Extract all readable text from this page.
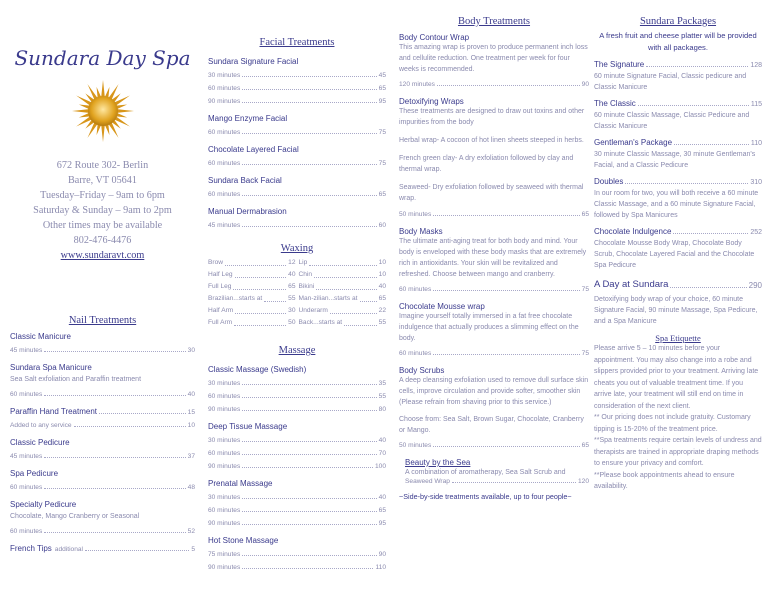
Sundara Day Spa
672 Route 302- Berlin
Barre, VT 05641
Tuesday–Friday – 9am to 6pm
Saturday & Sunday – 9am to 2pm
Other times may be available
802-476-4476
www.sundaravt.com
Nail Treatments
Classic Manicure
45 minutes	30
Sundara Spa Manicure
Sea Salt exfoliation and Paraffin treatment
60 minutes	40
Paraffin Hand Treatment	15
Added to any service	10
Classic Pedicure
45 minutes	37
Spa Pedicure
60 minutes	48
Specialty Pedicure
Chocolate, Mango Cranberry or Seasonal
60 minutes	52
French Tips additional	5
Facial Treatments
Sundara Signature Facial
30 minutes	45
60 minutes	65
90 minutes	95
Mango Enzyme Facial
60 minutes	75
Chocolate Layered Facial
60 minutes	75
Sundara Back Facial
60 minutes	65
Manual Dermabrasion
45 minutes	60
Waxing
Brow	12 Lip	10
Half Leg	40 Chin	10
Full Leg	65 Bikini	40
Brazilian...starts at	55 Man-zilian...starts at	65
Half Arm	30 Underarm	22
Full Arm	50 Back...starts at	55
Massage
Classic Massage (Swedish)
30 minutes	35
60 minutes	55
90 minutes	80
Deep Tissue Massage
30 minutes	40
60 minutes	70
90 minutes	100
Prenatal Massage
30 minutes	40
60 minutes	65
90 minutes	95
Hot Stone Massage
75 minutes	90
90 minutes	110
Body Treatments
Body Contour Wrap
This amazing wrap is proven to produce permanent inch loss and cellulite reduction. One treatment per week for four weeks is recommended.
120 minutes	90
Detoxifying Wraps
These treatments are designed to draw out toxins and other impurities from the body
Herbal wrap- A cocoon of hot linen sheets steeped in herbs.
French green clay- A dry exfoliation followed by clay and thermal wrap.
Seaweed- Dry exfoliation followed by seaweed with thermal wrap.
50 minutes	65
Body Masks
The ultimate anti-aging treat for both body and mind. Your body is enveloped with these body masks that are extremely rich in antioxidants. Your skin will be revitalized and refreshed. Choose between mango and cranberry.
60 minutes	75
Chocolate Mousse wrap
Imagine yourself totally immersed in a fat free chocolate indulgence that actually produces a slimming effect on the body.
60 minutes	75
Body Scrubs
A deep cleansing exfoliation used to remove dull surface skin cells, improve circulation and provide softer, smoother skin (Please refrain from shaving prior to this service.)
Choose from: Sea Salt, Brown Sugar, Chocolate, Cranberry or Mango.
50 minutes	65
Beauty by the Sea
A combination of aromatherapy, Sea Salt Scrub and
Seaweed Wrap	120
~Side-by-side treatments available, up to four people~
Sundara Packages
A fresh fruit and cheese platter will be provided with all packages.
The Signature	128
60 minute Signature Facial, Classic pedicure and Classic Manicure
The Classic	115
60 minute Classic Massage, Classic Pedicure and Classic Manicure
Gentleman's Package	110
30 minute Classic Massage, 30 minute Gentleman's Facial, and a Classic Pedicure
Doubles	310
In our room for two, you will both receive a 60 minute Classic Massage, and a 60 minute Signature Facial, followed by Spa Manicures
Chocolate Indulgence	252
Chocolate Mousse Body Wrap, Chocolate Body Scrub, Chocolate Layered Facial and the Chocolate Spa Pedicure
A Day at Sundara	290
Detoxifying body wrap of your choice, 60 minute Signature Facial, 90 minute Massage, Spa Pedicure, and a Spa Manicure
Spa Etiquette
Please arrive 5 – 10 minutes before your appointment. You may also change into a robe and slippers provided prior to your treatment. Arriving late cheats you out of valuable treatment time. If you arrive late, your treatment will still end on time in consideration of the next client.
** Our pricing does not include gratuity. Customary tipping is 15-20% of the treatment price.
**Spa treatments require certain levels of undress and therapists are trained in appropriate draping methods to ensure your privacy and comfort.
**Please book appointments ahead to ensure availability.
